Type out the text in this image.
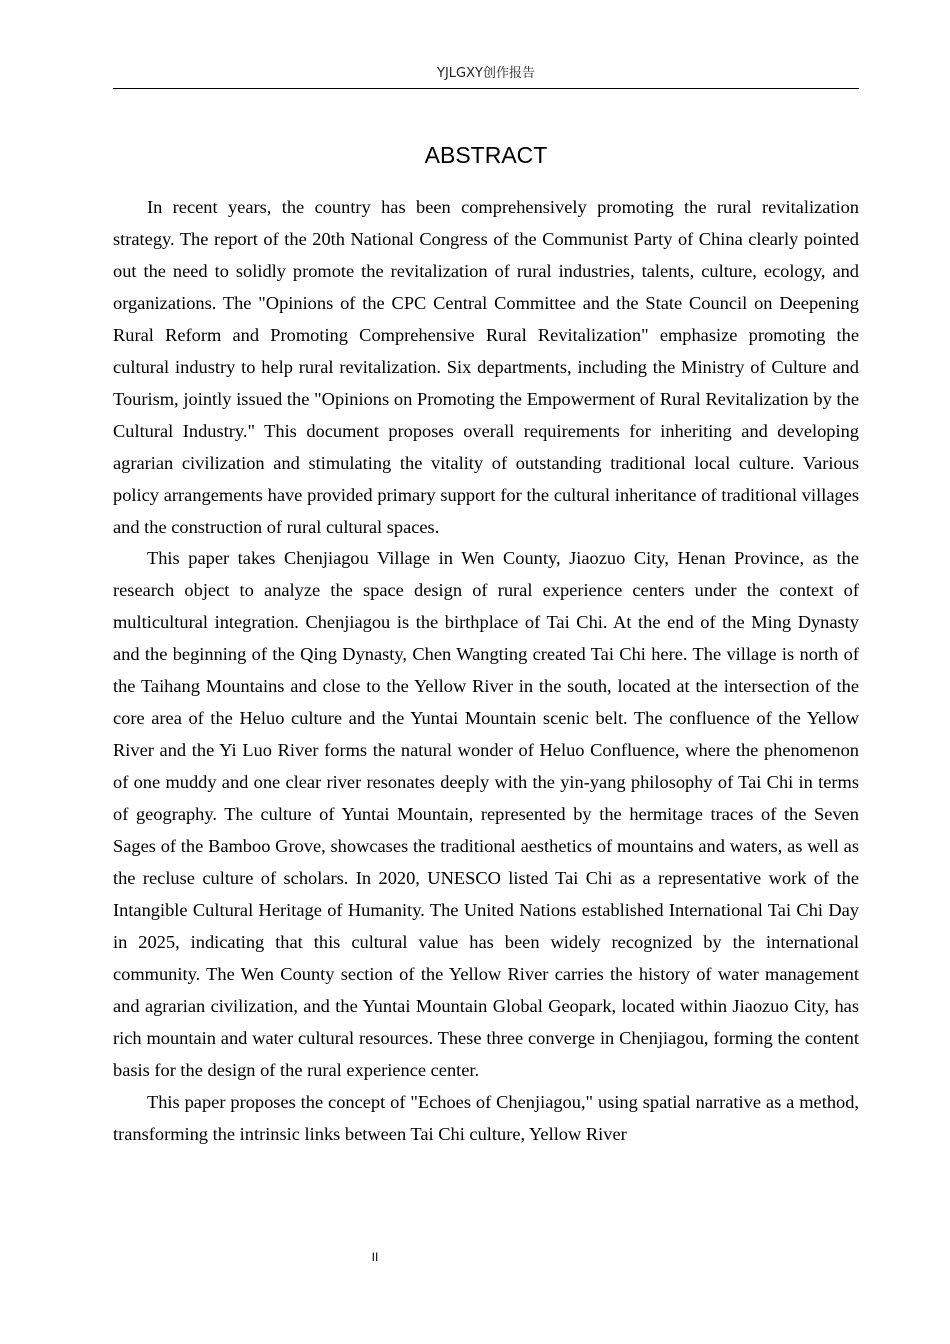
YJLGXY创作报告
ABSTRACT

In recent years, the country has been comprehensively promoting the rural revitalization strategy. The report of the 20th National Congress of the Communist Party of China clearly pointed out the need to solidly promote the revitalization of rural industries, talents, culture, ecology, and organizations. The "Opinions of the CPC Central Committee and the State Council on Deepening Rural Reform and Promoting Comprehensive Rural Revitalization" emphasize promoting the cultural industry to help rural revitalization. Six departments, including the Ministry of Culture and Tourism, jointly issued the "Opinions on Promoting the Empowerment of Rural Revitalization by the Cultural Industry." This document proposes overall requirements for inheriting and developing agrarian civilization and stimulating the vitality of outstanding traditional local culture. Various policy arrangements have provided primary support for the cultural inheritance of traditional villages and the construction of rural cultural spaces.

This paper takes Chenjiagou Village in Wen County, Jiaozuo City, Henan Province, as the research object to analyze the space design of rural experience centers under the context of multicultural integration. Chenjiagou is the birthplace of Tai Chi. At the end of the Ming Dynasty and the beginning of the Qing Dynasty, Chen Wangting created Tai Chi here. The village is north of the Taihang Mountains and close to the Yellow River in the south, located at the intersection of the core area of the Heluo culture and the Yuntai Mountain scenic belt. The confluence of the Yellow River and the Yi Luo River forms the natural wonder of Heluo Confluence, where the phenomenon of one muddy and one clear river resonates deeply with the yin-yang philosophy of Tai Chi in terms of geography. The culture of Yuntai Mountain, represented by the hermitage traces of the Seven Sages of the Bamboo Grove, showcases the traditional aesthetics of mountains and waters, as well as the recluse culture of scholars. In 2020, UNESCO listed Tai Chi as a representative work of the Intangible Cultural Heritage of Humanity. The United Nations established International Tai Chi Day in 2025, indicating that this cultural value has been widely recognized by the international community. The Wen County section of the Yellow River carries the history of water management and agrarian civilization, and the Yuntai Mountain Global Geopark, located within Jiaozuo City, has rich mountain and water cultural resources. These three converge in Chenjiagou, forming the content basis for the design of the rural experience center.

This paper proposes the concept of "Echoes of Chenjiagou," using spatial narrative as a method, transforming the intrinsic links between Tai Chi culture, Yellow River

II
